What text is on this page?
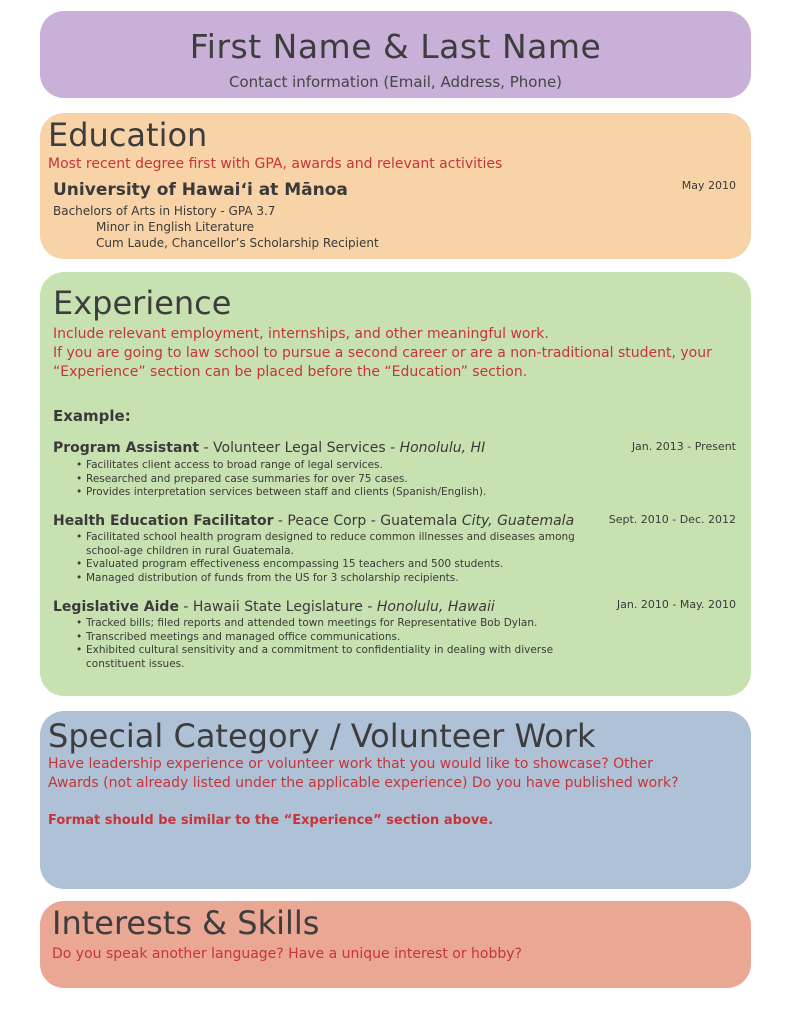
First Name & Last Name
Contact information (Email, Address, Phone)
Education
Most recent degree first with GPA, awards and relevant activities
University of Hawaiʻi at Mānoa	May 2010
Bachelors of Arts in History - GPA 3.7
Minor in English Literature
Cum Laude, Chancellor’s Scholarship Recipient
Experience
Include relevant employment, internships, and other meaningful work.
If you are going to law school to pursue a second career or are a non-traditional student, your “Experience” section can be placed before the “Education” section.
Example:
Program Assistant - Volunteer Legal Services - Honolulu, HI	Jan. 2013 - Present
• Facilitates client access to broad range of legal services.
• Researched and prepared case summaries for over 75 cases.
• Provides interpretation services between staff and clients (Spanish/English).
Health Education Facilitator - Peace Corp - Guatemala City, Guatemala	Sept. 2010 - Dec. 2012
• Facilitated school health program designed to reduce common illnesses and diseases among school-age children in rural Guatemala.
• Evaluated program effectiveness encompassing 15 teachers and 500 students.
• Managed distribution of funds from the US for 3 scholarship recipients.
Legislative Aide - Hawaii State Legislature - Honolulu, Hawaii	Jan. 2010 - May. 2010
• Tracked bills; filed reports and attended town meetings for Representative Bob Dylan.
• Transcribed meetings and managed office communications.
• Exhibited cultural sensitivity and a commitment to confidentiality in dealing with diverse constituent issues.
Special Category / Volunteer Work
Have leadership experience or volunteer work that you would like to showcase? Other Awards (not already listed under the applicable experience) Do you have published work?
Format should be similar to the “Experience” section above.
Interests & Skills
Do you speak another language? Have a unique interest or hobby?
